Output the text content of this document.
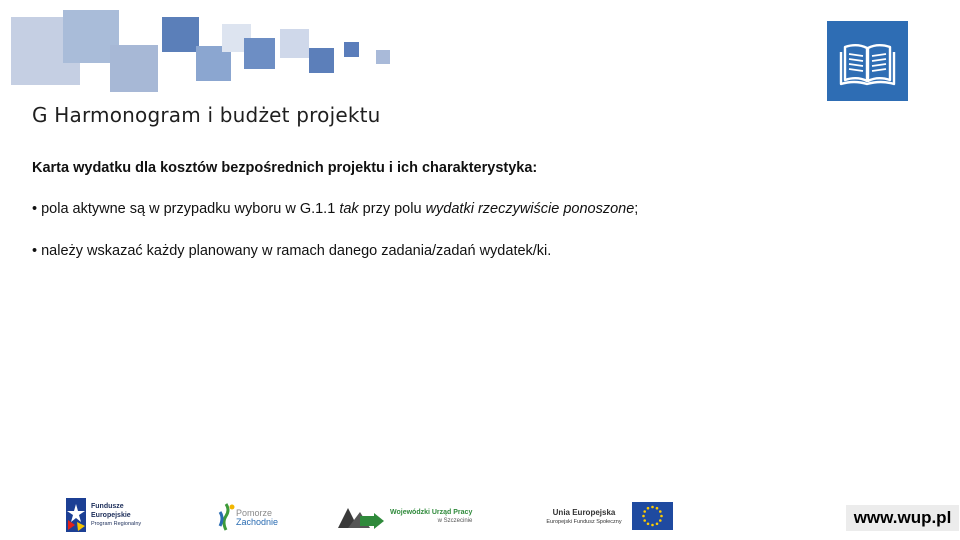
G Harmonogram i budżet projektu
Karta wydatku dla kosztów bezpośrednich projektu i ich charakterystyka:
• pola aktywne są w przypadku wyboru w G.1.1 tak przy polu wydatki rzeczywiście ponoszone;
• należy wskazać każdy planowany w ramach danego zadania/zadań wydatek/ki.
Fundusze
Europejskie
Program Regionalny
Pomorze
Zachodnie
Wojewódzki Urząd Pracy
w Szczecinie
Unia Europejska
Europejski Fundusz Społeczny	www.wup.pl
